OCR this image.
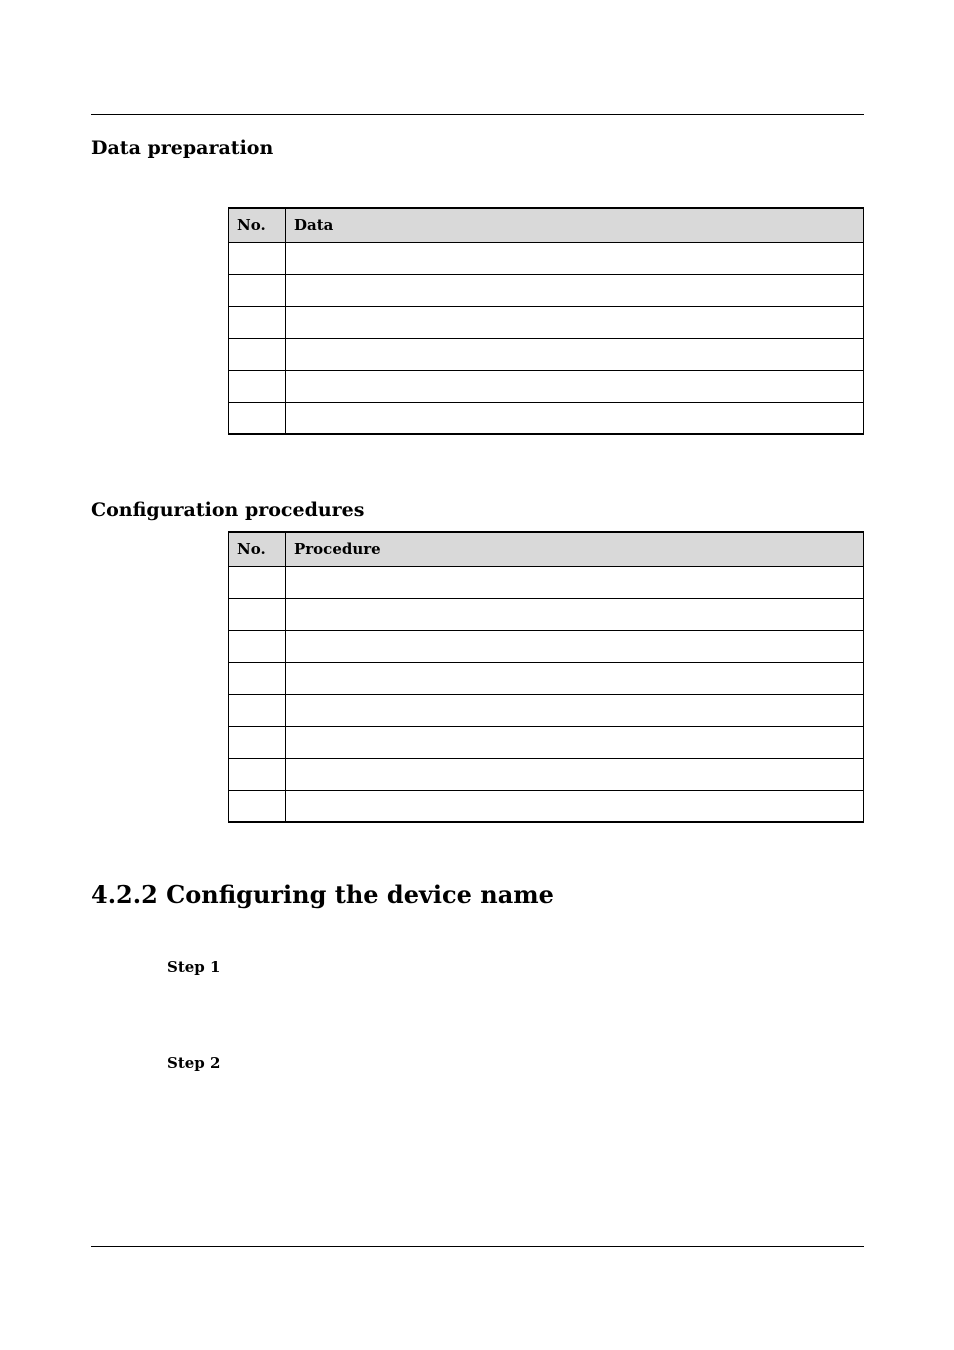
Data preparation
No.	Data

Configuration procedures
No.	Procedure

4.2.2 Configuring the device name
Step 1
Step 2
